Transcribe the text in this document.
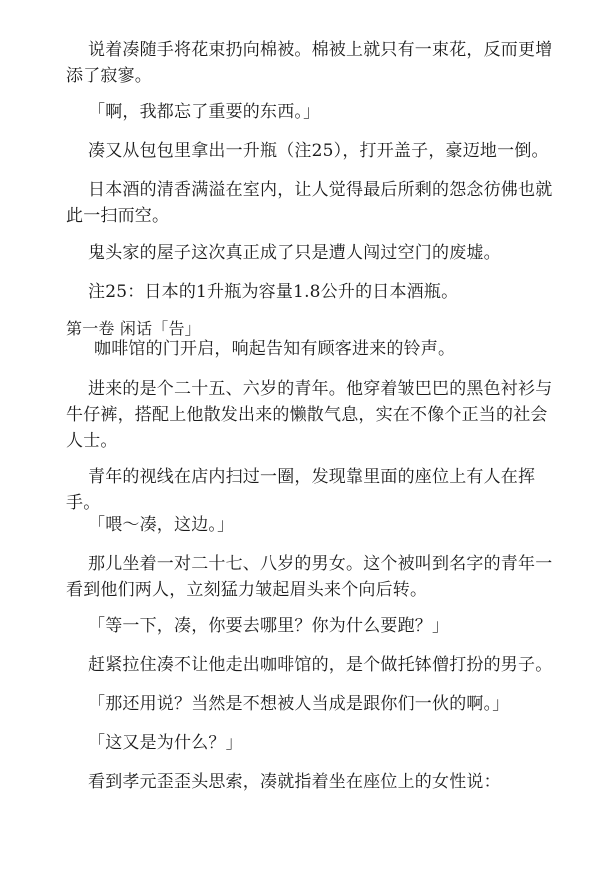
说着凑随手将花束扔向棉被。棉被上就只有一束花，反而更增添了寂寥。

「啊，我都忘了重要的东西。」

凑又从包包里拿出一升瓶（注25），打开盖子，豪迈地一倒。

日本酒的清香满溢在室内，让人觉得最后所剩的怨念彷佛也就此一扫而空。

鬼头家的屋子这次真正成了只是遭人闯过空门的废墟。

注25：日本的1升瓶为容量1.8公升的日本酒瓶。

第一卷 闲话「告」

咖啡馆的门开启，响起告知有顾客进来的铃声。

进来的是个二十五、六岁的青年。他穿着皱巴巴的黑色衬衫与牛仔裤，搭配上他散发出来的懒散气息，实在不像个正当的社会人士。

青年的视线在店内扫过一圈，发现靠里面的座位上有人在挥手。

「喂～凑，这边。」

那儿坐着一对二十七、八岁的男女。这个被叫到名字的青年一看到他们两人，立刻猛力皱起眉头来个向后转。

「等一下，凑，你要去哪里？你为什么要跑？」

赶紧拉住凑不让他走出咖啡馆的，是个做托钵僧打扮的男子。

「那还用说？当然是不想被人当成是跟你们一伙的啊。」

「这又是为什么？」

看到孝元歪歪头思索，凑就指着坐在座位上的女性说：
